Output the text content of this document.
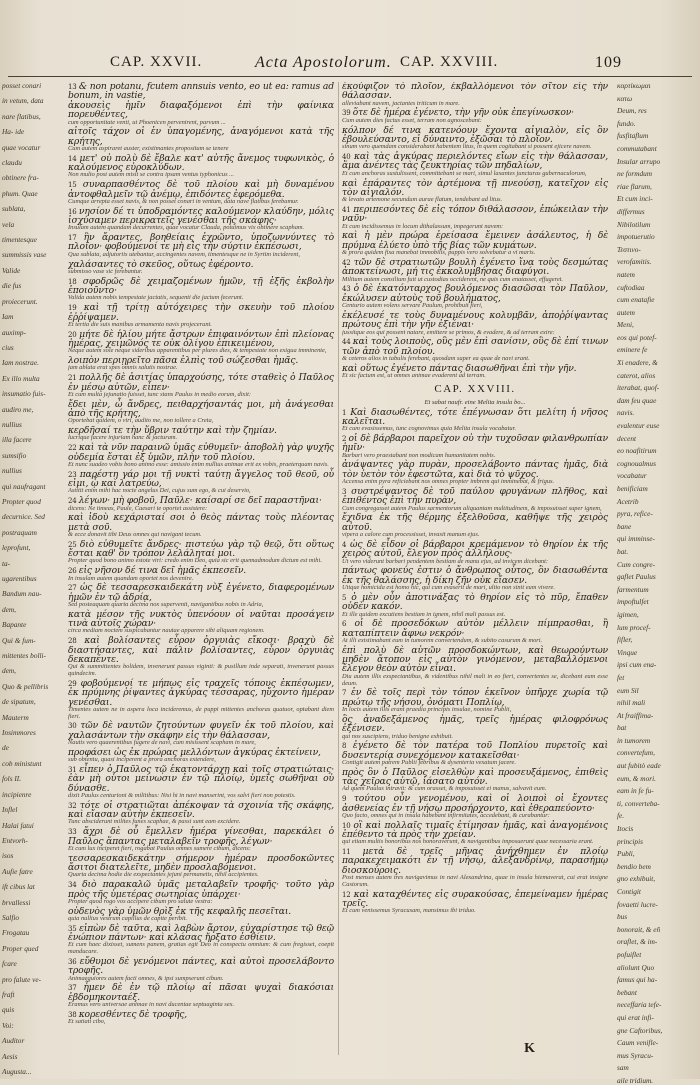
CAP. XXVII.	Acta Apostolorum. CAP. XXVIII.	109
posset conari
in vetum, data
nare flatibus,
Ha- ide
quae vocatur
claudu
obtinere fra-
phum. Quae
sublata,
vela
timentesque
summissis vase
Valide
die fus
proiecerunt.
Iam
auximp-
cius
Iam nostrae.
Ex illo multa
insumatio fuis-
audiro me,
nullius
illa facere
sumsifio
nullius
qui naufragant
Propter quod
decurnice. Sed
postraquam
leprofunt,
ta-
ugarentibus
Bandum nau-
dem,
Bapante
Qui & fum-
mittentes bolli-
dem,
Quo & pellibris
de sipatum,
Mauterm
Insimmores
de
cob ministunt
fols IL
incipienre
Inflel
Halai fatui
Entvorh-
isos
Aufie fatre
ift cibus lat
brvallessi
Salfio
Frogatau
Proper qued
fcare
pro falute ve-
fraft
quis
Voi:
Auditor
Aesis
Augusta...
13 & non potanu, fcutem annsuis vento, eo ut ea: ramus ad bonum, in vastie,
ἀκουσεὶς ἡμῖν διαφαξόμενοι ἐπὶ τὴν φαίνικα πορευθέντες,
cum opportunitate venti, ut Phoenicen pervenirent, parvum ...
αἰτοῖς τάχον οἱ ἑν ὑπαγομένης, ἀναγόμενοι κατὰ τῆς κρήτης,
Cum autem aspiraret auster, existimantes propositum se tenere
14 μετ' οὐ πολὺ δὲ ἔβαλε κατ' αὐτῆς ἄνεμος τυφωνικὸς, ὁ καλούμενος εὐροκλύδων.
Non multo post autem misit se contra ipsam ventus typhonicus ...
15 συναρπασθέντος δὲ τοῦ πλοίου καὶ μὴ δυναμένου ἀντοφθαλμεῖν τῷ ἀνέμῳ, ἐπιδόντες ἐφερόμεθα.
Cumque arrepta esset navis, & non posset conari in ventum, data nave flatibus ferebamur.
16 νησίον δέ τι ὑποδραμόντες καλούμενον κλαύδην, μόλις ἰσχύσαμεν περικρατεῖς γενέσθαι τῆς σκάφης·
Insulam autem quandam decurrentes, quae vocatur Clauda, potuimus vix obtinere scapham.
17 ἣν ἄραντες, βοηθείαις ἐχρῶντο, ὑποζωννύντες τὸ πλοῖον· φοβούμενοί τε μὴ εἰς τὴν σύρτιν ἐκπέσωσι,
Qua sublata, adjutoriis utebantur, accingentes navem, timentesque ne in Syrtim inciderent,
χαλάσαντες τὸ σκεῦος, οὕτως ἐφέροντο.
submisso vase sic ferebantur.
18 σφοδρῶς δὲ χειμαζομένων ἡμῶν, τῇ ἑξῆς ἐκβολὴν ἐποιοῦντο·
Valida autem nobis tempestate jactatis, sequenti die jactum fecerunt.
19 καὶ τῇ τρίτῃ αὐτόχειρες τὴν σκευὴν τοῦ πλοίου ἐῤῥίψαμεν.
Et tertia die suis manibus armamenta navis projecerunt.
20 μήτε δὲ ἡλίου μήτε ἄστρων ἐπιφαινόντων ἐπὶ πλείονας ἡμέρας, χειμῶνός τε οὐκ ὀλίγου ἐπικειμένου,
Neque autem sole neque sideribus apparentibus per plures dies, & tempestate non exigua imminente,
λοιπὸν περιῃρεῖτο πᾶσα ἐλπὶς τοῦ σώζεσθαι ἡμᾶς.
jam ablata erat spes omnis salutis nostrae.
21 πολλῆς δὲ ἀσιτίας ὑπαρχούσης, τότε σταθεὶς ὁ Παῦλος ἐν μέσῳ αὐτῶν, εἶπεν·
Et cum multa jejunatio fuisset, tunc stans Paulus in medio eorum, dixit:
ἔδει μὲν, ὦ ἄνδρες, πειθαρχήσαντάς μοι, μὴ ἀνάγεσθαι ἀπὸ τῆς κρήτης,
Oportebat quidem, o viri, audito me, non tollere a Creta,
κερδῆσαί τε τὴν ὕβριν ταύτην καὶ τὴν ζημίαν.
lucrique facere injuriam hanc & jacturam.
22 καὶ τὰ νῦν παραινῶ ὑμᾶς εὐθυμεῖν· ἀποβολὴ γὰρ ψυχῆς οὐδεμία ἔσται ἐξ ὑμῶν, πλὴν τοῦ πλοίου.
Et nunc suadeo vobis bono animo esse: amissio enim nullius animae erit ex vobis, praeterquam navis.
23 παρέστη γάρ μοι τῇ νυκτὶ ταύτῃ ἄγγελος τοῦ θεοῦ, οὗ εἰμι, ᾧ καὶ λατρεύω,
Astitit enim mihi hac nocte angelus Dei, cujus sum ego, & cui deservio,
24 λέγων· μὴ φοβοῦ, Παῦλε· καίσαρί σε δεῖ παραστῆναι·
dicens: Ne timeas, Paule, Caesari te oportet assistere:
καὶ ἰδοὺ κεχάρισταί σοι ὁ θεὸς πάντας τοὺς πλέοντας μετὰ σοῦ.
& ecce donavit tibi Deus omnes qui navigant tecum.
25 διὸ εὐθυμεῖτε ἄνδρες· πιστεύω γὰρ τῷ θεῷ, ὅτι οὕτως ἔσται καθ' ὃν τρόπον λελάληταί μοι.
Propter quod bono animo estote viri: credo enim Deo, quia sic erit quemadmodum dictum est mihi.
26 εἰς νῆσον δέ τινα δεῖ ἡμᾶς ἐκπεσεῖν.
In insulam autem quandam oportet nos devenire.
27 ὡς δὲ τεσσαρεσκαιδεκάτη νὺξ ἐγένετο, διαφερομένων ἡμῶν ἐν τῷ ἀδρίᾳ,
Sed posteaquam quarta decima nox supervenit, navigantibus nobis in Adria,
κατὰ μέσον τῆς νυκτὸς ὑπενόουν οἱ ναῦται προσάγειν τινὰ αὐτοῖς χώραν·
circa mediam noctem suspicabantur nautae apparere sibi aliquam regionem.
28 καὶ βολίσαντες εὗρον ὀργυιὰς εἴκοσι· βραχὺ δὲ διαστήσαντες, καὶ πάλιν βολίσαντες, εὗρον ὀργυιὰς δεκαπέντε.
Qui & summittentes bolidem, invenerunt passus viginti: & pusillum inde separati, invenerunt passus quindecim.
29 φοβούμενοί τε μήπως εἰς τραχεῖς τόπους ἐκπέσωμεν, ἐκ πρύμνης ῥίψαντες ἀγκύρας τέσσαρας, ηὔχοντο ἡμέραν γενέσθαι.
Timentes autem ne in aspera loca incideremus, de puppi mittentes anchoras quatuor, optabant diem fieri.
30 τῶν δὲ ναυτῶν ζητούντων φυγεῖν ἐκ τοῦ πλοίου, καὶ χαλασάντων τὴν σκάφην εἰς τὴν θάλασσαν,
Nautis vero quaerentibus fugere de navi, cum misissent scapham in mare,
προφάσει ὡς ἐκ πρώρας μελλόντων ἀγκύρας ἐκτείνειν,
sub obtentu, quasi inciperent a prora anchoras extendere,
31 εἶπεν ὁ Παῦλος τῷ ἑκατοντάρχῃ καὶ τοῖς στρατιώταις· ἐὰν μὴ οὗτοι μείνωσιν ἐν τῷ πλοίῳ, ὑμεῖς σωθῆναι οὐ δύνασθε.
dixit Paulus centurioni & militibus: Nisi hi in navi manserint, vos salvi fieri non potestis.
32 τότε οἱ στρατιῶται ἀπέκοψαν τὰ σχοινία τῆς σκάφης, καὶ εἴασαν αὐτὴν ἐκπεσεῖν.
Tunc absciderunt milites funes scaphae, & passi sunt eam excidere.
33 ἄχρι δὲ οὗ ἔμελλεν ἡμέρα γίνεσθαι, παρεκάλει ὁ Παῦλος ἅπαντας μεταλαβεῖν τροφῆς, λέγων·
Et cum lux inciperet fieri, rogabat Paulus omnes sumere cibum, dicens:
τεσσαρεσκαιδεκάτην σήμερον ἡμέραν προσδοκῶντες ἄσιτοι διατελεῖτε, μηδὲν προσλαβόμενοι.
Quarta decima hodie die exspectantes jejuni permanetis, nihil accipientes.
34 διὸ παρακαλῶ ὑμᾶς μεταλαβεῖν τροφῆς· τοῦτο γὰρ πρὸς τῆς ὑμετέρας σωτηρίας ὑπάρχει·
Propter quod rogo vos accipere cibum pro salute vestra:
οὐδενὸς γὰρ ὑμῶν θρὶξ ἐκ τῆς κεφαλῆς πεσεῖται.
quia nullius vestrum capillus de capite peribit.
35 εἰπὼν δὲ ταῦτα, καὶ λαβὼν ἄρτον, εὐχαρίστησε τῷ θεῷ ἐνώπιον πάντων· καὶ κλάσας ἤρξατο ἐσθίειν.
Et cum haec dixisset, sumens panem, gratias egit Deo in conspectu omnium: & cum fregisset, coepit manducare.
36 εὔθυμοι δὲ γενόμενοι πάντες, καὶ αὐτοὶ προσελάβοντο τροφῆς.
Animaequiores autem facti omnes, & ipsi sumpserunt cibum.
37 ἦμεν δὲ ἐν τῷ πλοίῳ αἱ πᾶσαι ψυχαὶ διακόσιαι ἑβδομηκονταέξ.
Eramus vero universae animae in navi ducentae septuaginta sex.
38 κορεσθέντες δὲ τροφῆς,
Et satiati cibo,
ἐκούφιζον τὸ πλοῖον, ἐκβαλλόμενοι τὸν σῖτον εἰς τὴν θάλασσαν.
alleviabant navem, jactantes triticum in mare.
39 ὅτε δὲ ἡμέρα ἐγένετο, τὴν γῆν οὐκ ἐπεγίνωσκον·
Cum autem dies factus esset, terram non agnoscebant:
κόλπον δέ τινα κατενόουν ἔχοντα αἰγιαλὸν, εἰς ὃν ἐβουλεύσαντο, εἰ δύναιντο, ἐξῶσαι τὸ πλοῖον.
sinum vero quemdam considerabant habentem litus, in quem cogitabant si possent ejicere navem.
40 καὶ τὰς ἀγκύρας περιελόντες εἴων εἰς τὴν θάλασσαν, ἅμα ἀνέντες τὰς ζευκτηρίας τῶν πηδαλίων,
Et cum anchoras sustulissent, committebant se mari, simul laxantes juncturas gubernaculorum,
καὶ ἐπάραντες τὸν ἀρτέμονα τῇ πνεούσῃ, κατεῖχον εἰς τὸν αἰγιαλόν.
& levato artemone secundum aurae flatum, tendebant ad litus.
41 περιπεσόντες δὲ εἰς τόπον διθάλασσον, ἐπώκειλαν τὴν ναῦν·
Et cum incidissemus in locum dithalassum, impegerunt navem:
καὶ ἡ μὲν πρώρα ἐρείσασα ἔμεινεν ἀσάλευτος, ἡ δὲ πρύμνα ἐλύετο ὑπὸ τῆς βίας τῶν κυμάτων.
& prora quidem fixa manebat immobilis, puppis vero solvebatur a vi maris.
42 τῶν δὲ στρατιωτῶν βουλὴ ἐγένετο ἵνα τοὺς δεσμώτας ἀποκτείνωσι, μή τις ἐκκολυμβήσας διαφύγοι.
Militum autem consilium fuit ut custodias occiderent, ne quis cum enatasset, effugeret.
43 ὁ δὲ ἑκατόνταρχος βουλόμενος διασῶσαι τὸν Παῦλον, ἐκώλυσεν αὐτοὺς τοῦ βουλήματος,
Centurio autem volens servare Paulum, prohibuit fieri,
ἐκέλευσέ τε τοὺς δυναμένους κολυμβᾶν, ἀποῤῥίψαντας πρώτους ἐπὶ τὴν γῆν ἐξιέναι·
jussitque eos qui possent natare, emittere se primos, & evadere, & ad terram exire:
44 καὶ τοὺς λοιποὺς, οὓς μὲν ἐπὶ σανίσιν, οὓς δὲ ἐπί τινων τῶν ἀπὸ τοῦ πλοίου.
& ceteros alios in tabulis ferebant, quosdam super ea quae de navi erant.
καὶ οὕτως ἐγένετο πάντας διασωθῆναι ἐπὶ τὴν γῆν.
Et sic factum est, ut omnes animae evaderent ad terram.
CAP. XXVIII.
Et sabat naufr. eine Melita insula bo...
1 Καὶ διασωθέντες, τότε ἐπέγνωσαν ὅτι μελίτη ἡ νῆσος καλεῖται.
Et cum evasissemus, tunc cognovimus quia Melita insula vocabatur.
2 οἱ δὲ βάρβαροι παρεῖχον οὐ τὴν τυχοῦσαν φιλανθρωπίαν ἡμῖν·
Barbari vero praestabant non modicam humanitatem nobis.
ἀνάψαντες γὰρ πυρὰν, προσελάβοντο πάντας ἡμᾶς, διὰ τὸν ὑετὸν τὸν ἐφεστῶτα, καὶ διὰ τὸ ψῦχος.
Accensa enim pyra reficiebant nos omnes propter imbrem qui imminebat, & frigus.
3 συστρέψαντος δὲ τοῦ παύλου φρυγάνων πλῆθος, καὶ ἐπιθέντος ἐπὶ τὴν πυρὰν,
Cum congregasset autem Paulus sarmentorum aliquantam multitudinem, & imposuisset super ignem,
ἔχιδνα ἐκ τῆς θέρμης ἐξελθοῦσα, καθῆψε τῆς χειρὸς αὐτοῦ.
vipera a calore cum processisset, invasit manum ejus.
4 ὡς δὲ εἶδον οἱ βάρβαροι κρεμάμενον τὸ θηρίον ἐκ τῆς χειρὸς αὐτοῦ, ἔλεγον πρὸς ἀλλήλους·
Ut vero viderunt barbari pendentem bestiam de manu ejus, ad invicem dicebant:
πάντως φονεύς ἐστιν ὁ ἄνθρωπος οὗτος, ὃν διασωθέντα ἐκ τῆς θαλάσσης, ἡ δίκη ζῆν οὐκ εἴασεν.
Utique homicida est homo hic, qui cum evaserit de mari, ultio non sinit eum vivere.
5 ὁ μὲν οὖν ἀποτινάξας τὸ θηρίον εἰς τὸ πῦρ, ἔπαθεν οὐδὲν κακόν.
Et ille quidem excutiens bestiam in ignem, nihil mali passus est.
6 οἱ δὲ προσεδόκων αὐτὸν μέλλειν πίμπρασθαι, ἢ καταπίπτειν ἄφνω νεκρόν·
At illi existimabant eum in tumorem convertendum, & subito casurum & mori.
ἐπὶ πολὺ δὲ αὐτῶν προσδοκώντων, καὶ θεωρούντων μηδὲν ἄτοπον εἰς αὐτὸν γινόμενον, μεταβαλλόμενοι ἔλεγον θεὸν αὐτὸν εἶναι.
Diu autem illis exspectantibus, & videntibus nihil mali in eo fieri, convertentes se, dicebant eum esse deum.
7 ἐν δὲ τοῖς περὶ τὸν τόπον ἐκεῖνον ὑπῆρχε χωρία τῷ πρώτῳ τῆς νήσου, ὀνόματι Ποπλίῳ,
In locis autem illis erant praedia principis insulae, nomine Publii,
ὃς ἀναδεξάμενος ἡμᾶς, τρεῖς ἡμέρας φιλοφρόνως ἐξένισεν.
qui nos suscipiens, triduo benigne exhibuit.
8 ἐγένετο δὲ τὸν πατέρα τοῦ Ποπλίου πυρετοῖς καὶ δυσεντερίᾳ συνεχόμενον κατακεῖσθαι·
Contigit autem patrem Publii febribus & dysenteria vexatum jacere.
πρὸς ὃν ὁ Παῦλος εἰσελθὼν καὶ προσευξάμενος, ἐπιθεὶς τὰς χεῖρας αὐτῷ, ἰάσατο αὐτόν.
Ad quem Paulus intravit: & cum orasset, & imposuisset ei manus, salvavit eum.
9 τούτου οὖν γενομένου, καὶ οἱ λοιποὶ οἱ ἔχοντες ἀσθενείας ἐν τῇ νήσῳ προσήρχοντο, καὶ ἐθεραπεύοντο·
Quo facto, omnes qui in insula habebant infirmitates, accedebant, & curabantur:
10 οἳ καὶ πολλαῖς τιμαῖς ἐτίμησαν ἡμᾶς, καὶ ἀναγομένοις ἐπέθεντο τὰ πρὸς τὴν χρείαν.
qui etiam multis honoribus nos honoraverunt, & navigantibus imposuerunt quae necessaria erant.
11 μετὰ δὲ τρεῖς μῆνας ἀνήχθημεν ἐν πλοίῳ παρακεχειμακότι ἐν τῇ νήσῳ, ἀλεξανδρίνῳ, παρασήμῳ διοσκούροις.
Post menses autem tres navigavimus in navi Alexandrina, quae in insula hiemaverat, cui erat insigne Castorum.
12 καὶ καταχθέντες εἰς συρακούσας, ἐπεμείναμεν ἡμέρας τρεῖς.
Et cum venissemus Syracusam, mansimus ibi triduo.
καρτίκωμαι
κατω
Deum, res
fundo.
fusfitaflum
commutabant
Insular arrupo
ne formdum
riae flarum,
Et cum inci-
differmus
Nibilotilum
impotuerutio
Τεστινο-
verofamitis.
natem
cuftodiaa
cum enatafie
autem
Meni,
eos qui potef-
eminere fe
Xi enadere, &
caterot, alios
iterabat, quof-
dam feu quae
navis.
evalentur euse
decent
eo noafitirum
cognoualmus
vocabatur
benificiam
Acetrib
pyra, refice-
bane
qui imminse-
bat.
Cum congre-
gaflet Paulus
farmentum
impoftulfet
igimen,
lum procef-
fifler,
Vinque
ipsi cum ena-
fet
eum Sil
nihil mali
At fraiffima-
bat
in tumorem
convertefum,
aut fubitò eade
eum, & mori.
eam in fe fu-
ti, converteba-
fe.
Itocis
principis
Publi,
bendio bem
gno exhibuit,
Contigit
fovaetti lucre-
bus
bonorait, & eñ
oraflet, & im-
pofuiflet
aliolunt Quo
famus qui ha-
bebant
neceffaria tefe-
qui erat infi-
gne Caftoribus,
Caum venifle-
mus Syracu-
sam
aile tridium.
K
